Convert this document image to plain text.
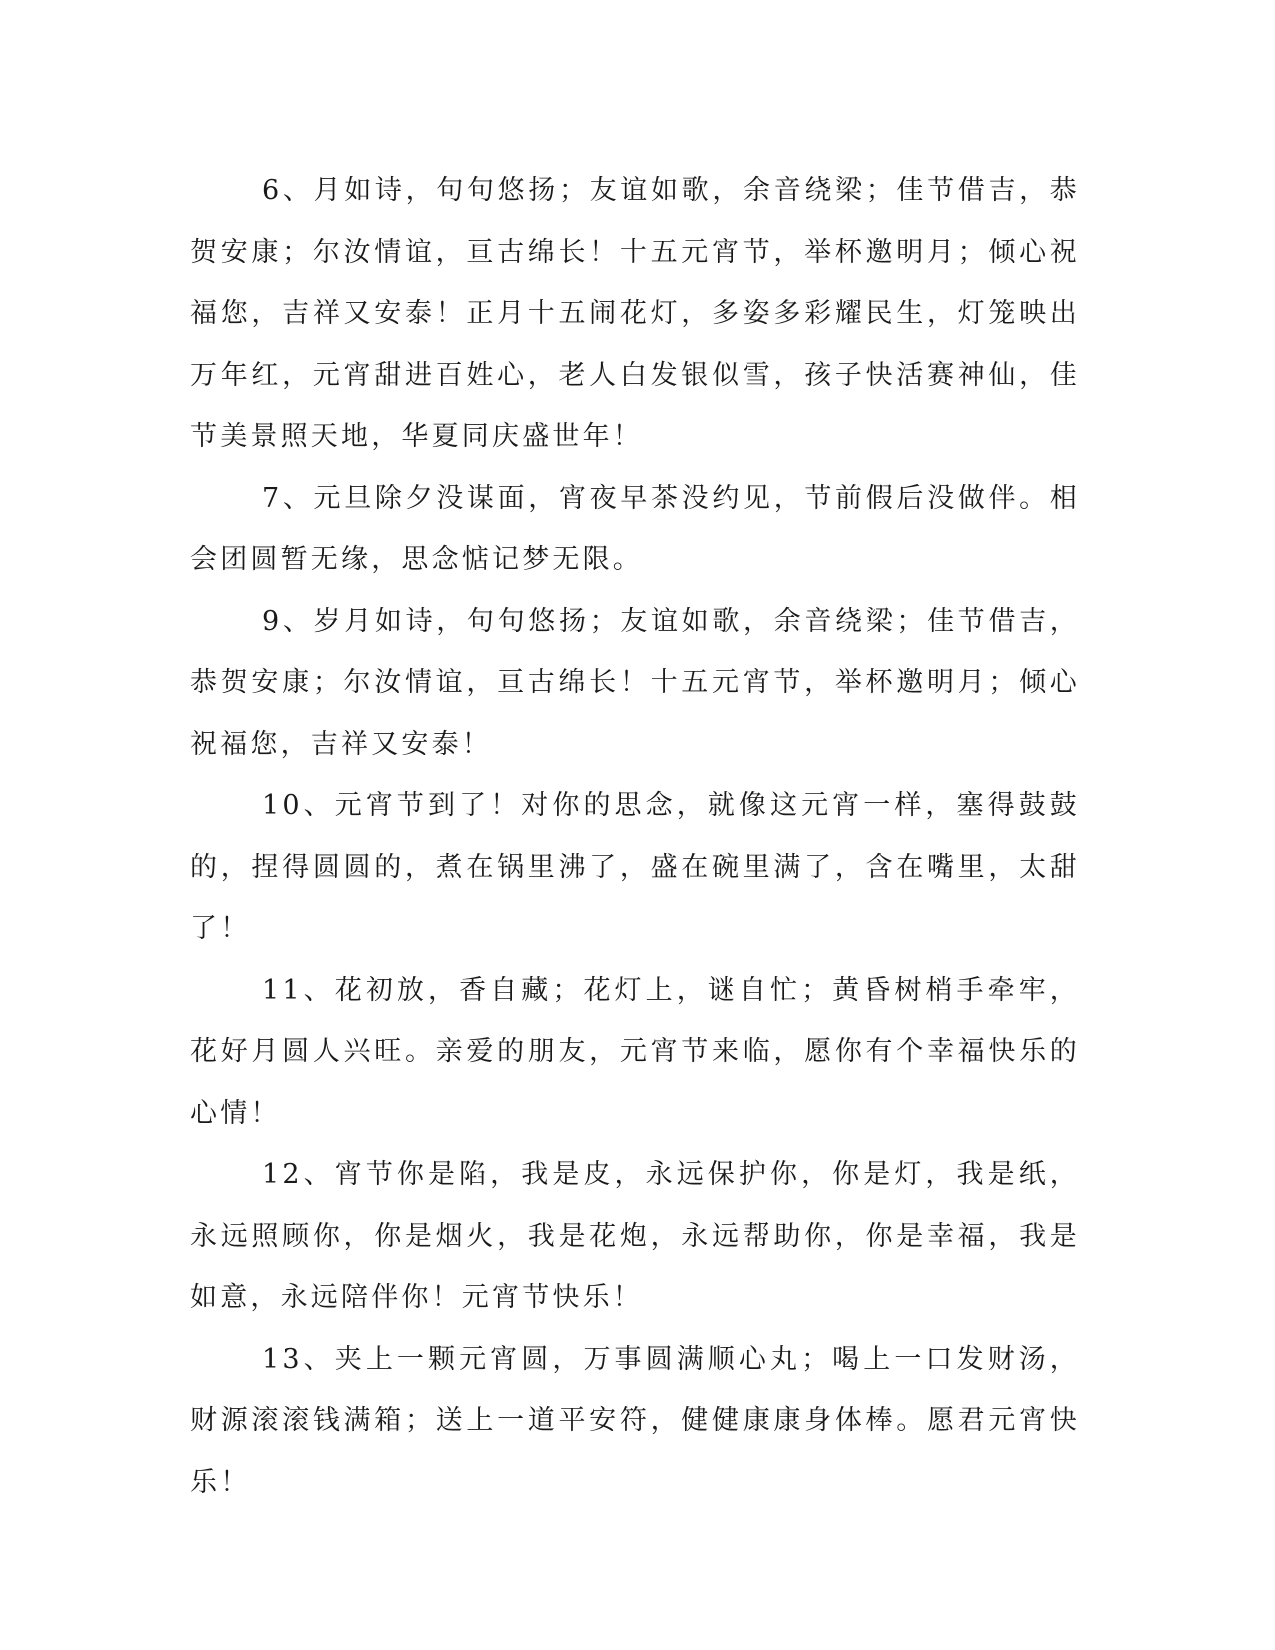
6、月如诗，句句悠扬；友谊如歌，余音绕梁；佳节借吉，恭贺安康；尔汝情谊，亘古绵长！十五元宵节，举杯邀明月；倾心祝福您，吉祥又安泰！正月十五闹花灯，多姿多彩耀民生，灯笼映出万年红，元宵甜进百姓心，老人白发银似雪，孩子快活赛神仙，佳节美景照天地，华夏同庆盛世年！

7、元旦除夕没谋面，宵夜早茶没约见，节前假后没做伴。相会团圆暂无缘，思念惦记梦无限。

9、岁月如诗，句句悠扬；友谊如歌，余音绕梁；佳节借吉，恭贺安康；尔汝情谊，亘古绵长！十五元宵节，举杯邀明月；倾心祝福您，吉祥又安泰！

10、元宵节到了！对你的思念，就像这元宵一样，塞得鼓鼓的，捏得圆圆的，煮在锅里沸了，盛在碗里满了，含在嘴里，太甜了！

11、花初放，香自藏；花灯上，谜自忙；黄昏树梢手牵牢，花好月圆人兴旺。亲爱的朋友，元宵节来临，愿你有个幸福快乐的心情！

12、宵节你是陷，我是皮，永远保护你，你是灯，我是纸，永远照顾你，你是烟火，我是花炮，永远帮助你，你是幸福，我是如意，永远陪伴你！元宵节快乐！

13、夹上一颗元宵圆，万事圆满顺心丸；喝上一口发财汤，财源滚滚钱满箱；送上一道平安符，健健康康身体棒。愿君元宵快乐！
